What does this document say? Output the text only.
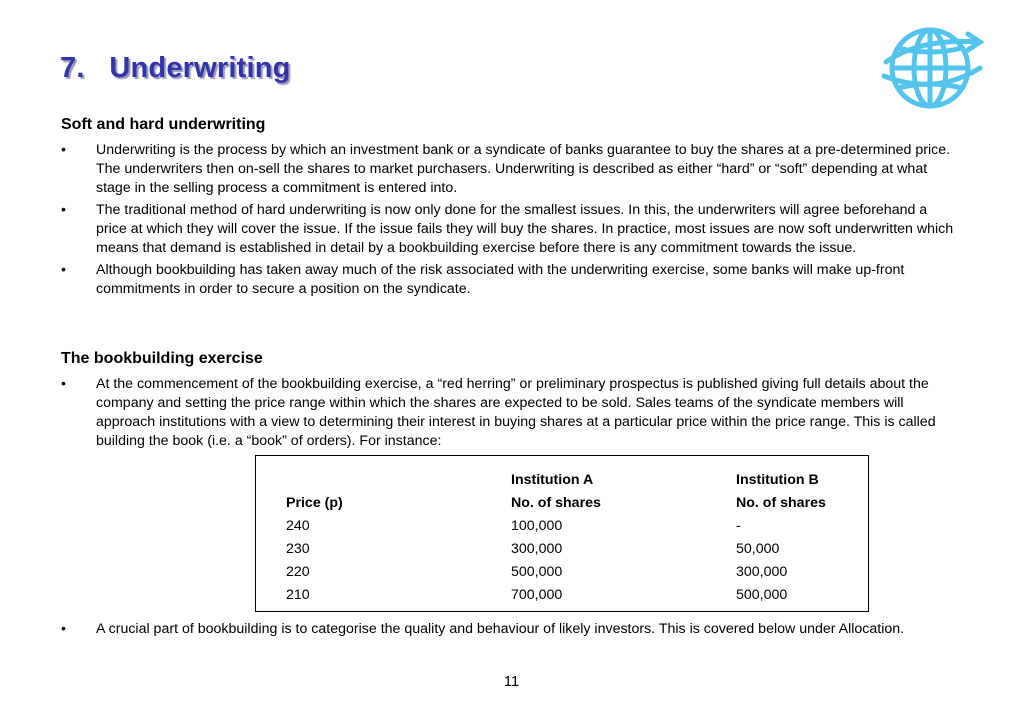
7.   Underwriting
Soft and hard underwriting
• Underwriting is the process by which an investment bank or a syndicate of banks guarantee to buy the shares at a pre-determined price. The underwriters then on-sell the shares to market purchasers. Underwriting is described as either “hard” or “soft” depending at what stage in the selling process a commitment is entered into.
• The traditional method of hard underwriting is now only done for the smallest issues. In this, the underwriters will agree beforehand a price at which they will cover the issue. If the issue fails they will buy the shares. In practice, most issues are now soft underwritten which means that demand is established in detail by a bookbuilding exercise before there is any commitment towards the issue.
• Although bookbuilding has taken away much of the risk associated with the underwriting exercise, some banks will make up-front commitments in order to secure a position on the syndicate.
The bookbuilding exercise
• At the commencement of the bookbuilding exercise, a “red herring” or preliminary prospectus is published giving full details about the company and setting the price range within which the shares are expected to be sold. Sales teams of the syndicate members will approach institutions with a view to determining their interest in buying shares at a particular price within the price range. This is called building the book (i.e. a “book” of orders). For instance:
	Institution A	Institution B
Price (p)	No. of shares	No. of shares
240	100,000	-
230	300,000	50,000
220	500,000	300,000
210	700,000	500,000
• A crucial part of bookbuilding is to categorise the quality and behaviour of likely investors. This is covered below under Allocation.
11
